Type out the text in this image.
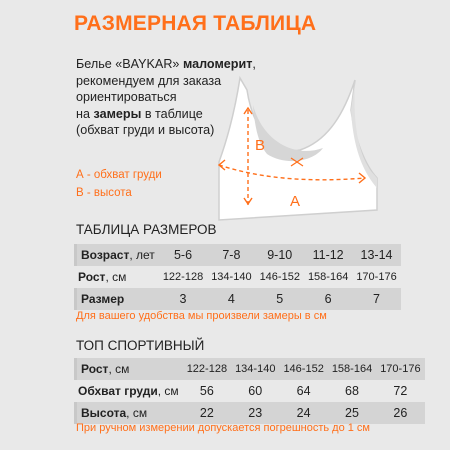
РАЗМЕРНАЯ ТАБЛИЦА
Белье «BAYKAR» маломерит,
рекомендуем для заказа
ориентироваться
на замеры в таблице
(обхват груди и высота)
А - обхват груди
В - высота
B
A
ТАБЛИЦА РАЗМЕРОВ
Возраст, лет	5-6	7-8	9-10	11-12	13-14
Рост, см	122-128	134-140	146-152	158-164	170-176
Размер	3	4	5	6	7
Для вашего удобства мы произвели замеры в см
ТОП СПОРТИВНЫЙ
Рост, см	122-128	134-140	146-152	158-164	170-176
Обхват груди, см	56	60	64	68	72
Высота, см	22	23	24	25	26
При ручном измерении допускается погрешность до 1 см
